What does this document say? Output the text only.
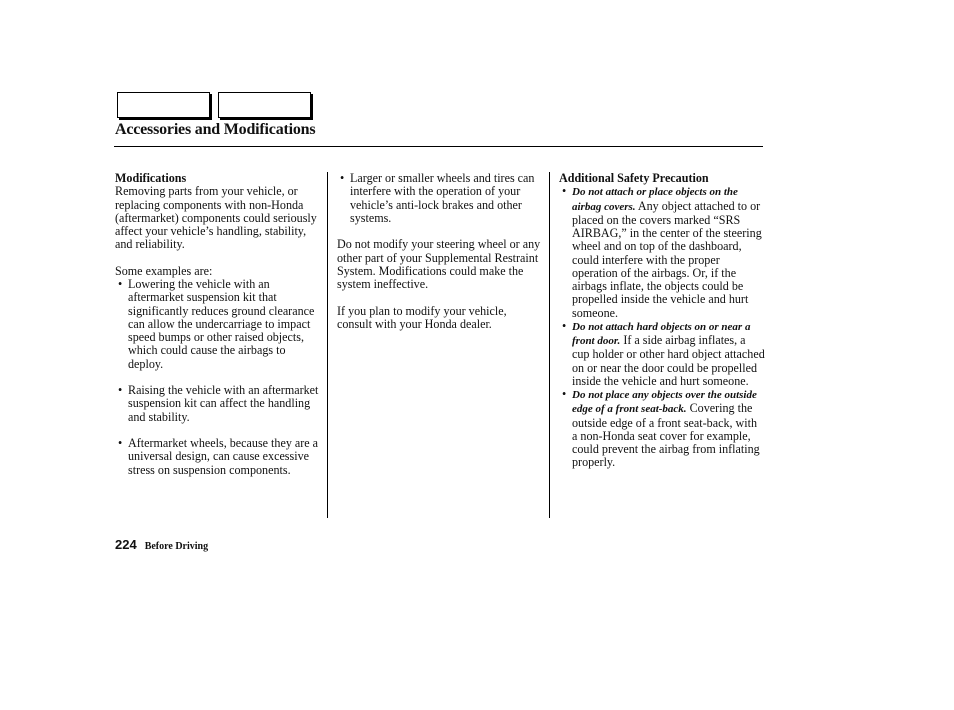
Accessories and Modifications
Modifications

Removing parts from your vehicle, or replacing components with non-Honda (aftermarket) components could seriously affect your vehicle’s handling, stability, and reliability.

Some examples are:
• Lowering the vehicle with an aftermarket suspension kit that significantly reduces ground clearance can allow the undercarriage to impact speed bumps or other raised objects, which could cause the airbags to deploy.
• Raising the vehicle with an aftermarket suspension kit can affect the handling and stability.
• Aftermarket wheels, because they are a universal design, can cause excessive stress on suspension components.
• Larger or smaller wheels and tires can interfere with the operation of your vehicle’s anti-lock brakes and other systems.

Do not modify your steering wheel or any other part of your Supplemental Restraint System. Modifications could make the system ineffective.

If you plan to modify your vehicle, consult with your Honda dealer.

Additional Safety Precaution
• Do not attach or place objects on the airbag covers. Any object attached to or placed on the covers marked “SRS AIRBAG,” in the center of the steering wheel and on top of the dashboard, could interfere with the proper operation of the airbags. Or, if the airbags inflate, the objects could be propelled inside the vehicle and hurt someone.
• Do not attach hard objects on or near a front door. If a side airbag inflates, a cup holder or other hard object attached on or near the door could be propelled inside the vehicle and hurt someone.
• Do not place any objects over the outside edge of a front seat-back. Covering the outside edge of a front seat-back, with a non-Honda seat cover for example, could prevent the airbag from inflating properly.
224 Before Driving
